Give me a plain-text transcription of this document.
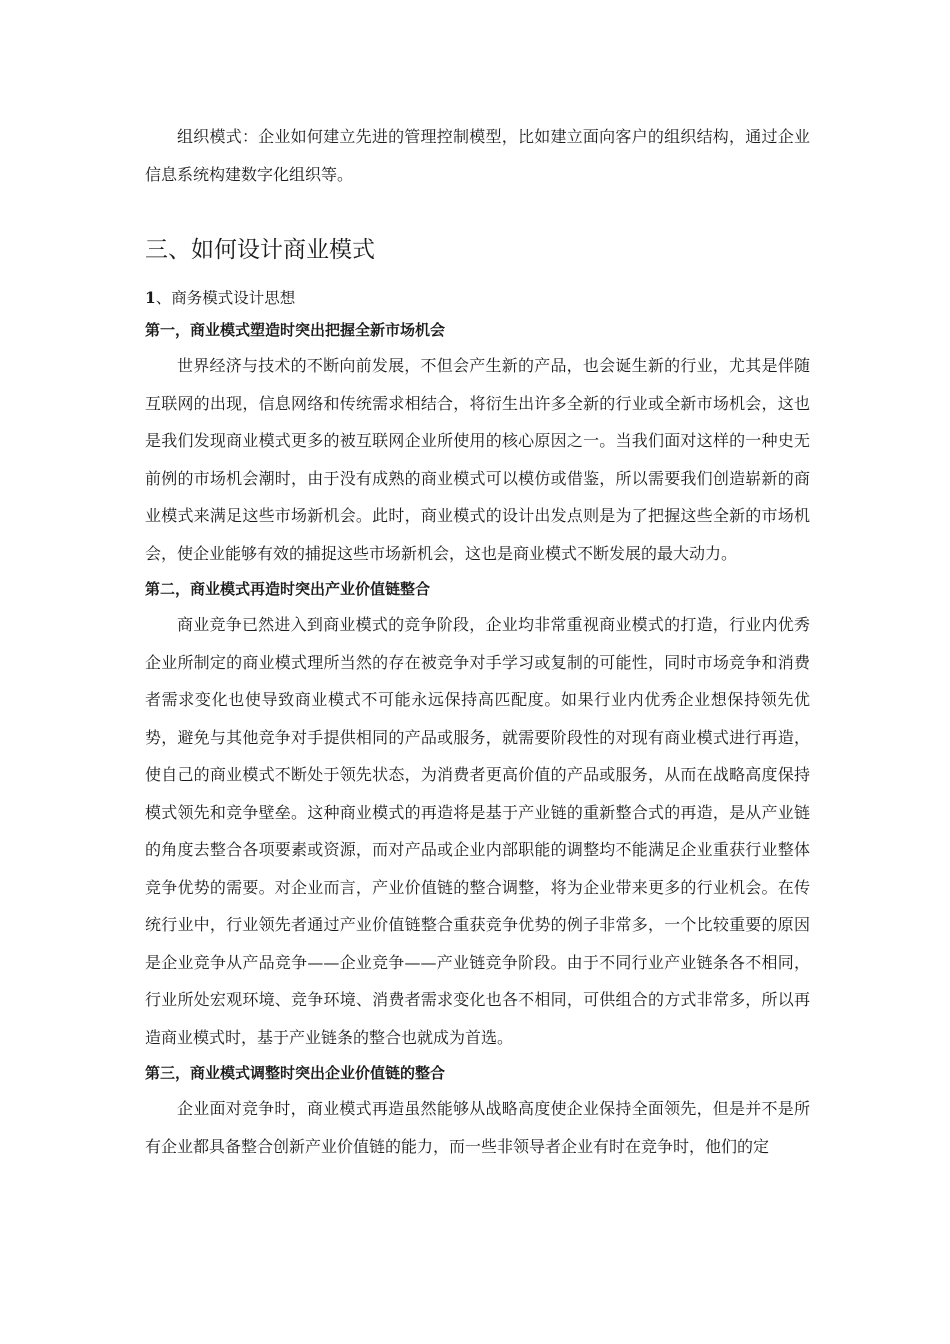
组织模式：企业如何建立先进的管理控制模型，比如建立面向客户的组织结构，通过企业信息系统构建数字化组织等。

三、如何设计商业模式
1、商务模式设计思想
第一，商业模式塑造时突出把握全新市场机会

世界经济与技术的不断向前发展，不但会产生新的产品，也会诞生新的行业，尤其是伴随互联网的出现，信息网络和传统需求相结合，将衍生出许多全新的行业或全新市场机会，这也是我们发现商业模式更多的被互联网企业所使用的核心原因之一。当我们面对这样的一种史无前例的市场机会潮时，由于没有成熟的商业模式可以模仿或借鉴，所以需要我们创造崭新的商业模式来满足这些市场新机会。此时，商业模式的设计出发点则是为了把握这些全新的市场机会，使企业能够有效的捕捉这些市场新机会，这也是商业模式不断发展的最大动力。

第二，商业模式再造时突出产业价值链整合

商业竞争已然进入到商业模式的竞争阶段，企业均非常重视商业模式的打造，行业内优秀企业所制定的商业模式理所当然的存在被竞争对手学习或复制的可能性，同时市场竞争和消费者需求变化也使导致商业模式不可能永远保持高匹配度。如果行业内优秀企业想保持领先优势，避免与其他竞争对手提供相同的产品或服务，就需要阶段性的对现有商业模式进行再造，使自己的商业模式不断处于领先状态，为消费者更高价值的产品或服务，从而在战略高度保持模式领先和竞争壁垒。这种商业模式的再造将是基于产业链的重新整合式的再造，是从产业链的角度去整合各项要素或资源，而对产品或企业内部职能的调整均不能满足企业重获行业整体竞争优势的需要。对企业而言，产业价值链的整合调整，将为企业带来更多的行业机会。在传统行业中，行业领先者通过产业价值链整合重获竞争优势的例子非常多，一个比较重要的原因是企业竞争从产品竞争——企业竞争——产业链竞争阶段。由于不同行业产业链条各不相同，行业所处宏观环境、竞争环境、消费者需求变化也各不相同，可供组合的方式非常多，所以再造商业模式时，基于产业链条的整合也就成为首选。

第三，商业模式调整时突出企业价值链的整合

企业面对竞争时，商业模式再造虽然能够从战略高度使企业保持全面领先，但是并不是所有企业都具备整合创新产业价值链的能力，而一些非领导者企业有时在竞争时，他们的定
